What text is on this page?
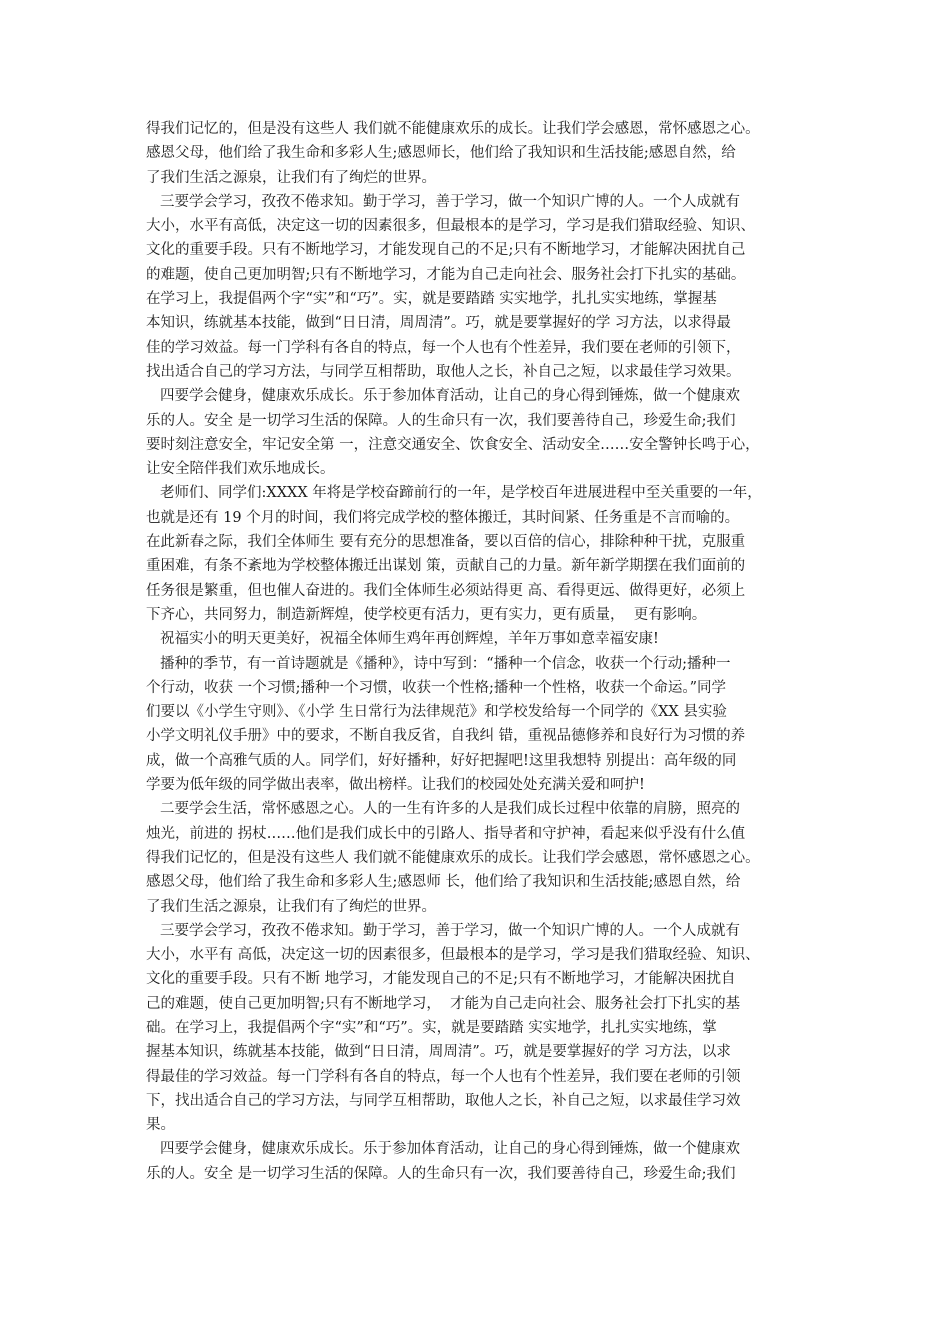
得我们记忆的，但是没有这些人 我们就不能健康欢乐的成长。让我们学会感恩，常怀感恩之心。
感恩父母，他们给了我生命和多彩人生;感恩师长，他们给了我知识和生活技能;感恩自然，给
了我们生活之源泉，让我们有了绚烂的世界。
三要学会学习，孜孜不倦求知。勤于学习，善于学习，做一个知识广博的人。一个人成就有
大小，水平有高低，决定这一切的因素很多，但最根本的是学习，学习是我们猎取经验、知识、
文化的重要手段。只有不断地学习，才能发现自己的不足;只有不断地学习，才能解决困扰自己
的难题，使自己更加明智;只有不断地学习，才能为自己走向社会、服务社会打下扎实的基础。
在学习上，我提倡两个字“实”和“巧”。实，就是要踏踏 实实地学，扎扎实实地练，掌握基
本知识，练就基本技能，做到“日日清，周周清”。巧，就是要掌握好的学 习方法，以求得最
佳的学习效益。每一门学科有各自的特点，每一个人也有个性差异，我们要在老师的引领下，
找出适合自己的学习方法，与同学互相帮助，取他人之长，补自己之短，以求最佳学习效果。
四要学会健身，健康欢乐成长。乐于参加体育活动，让自己的身心得到锤炼，做一个健康欢
乐的人。安全 是一切学习生活的保障。人的生命只有一次，我们要善待自己，珍爱生命;我们
要时刻注意安全，牢记安全第 一，注意交通安全、饮食安全、活动安全……安全警钟长鸣于心，
让安全陪伴我们欢乐地成长。
老师们、同学们:XXXX 年将是学校奋蹄前行的一年，是学校百年进展进程中至关重要的一年，
也就是还有 19 个月的时间，我们将完成学校的整体搬迁，其时间紧、任务重是不言而喻的。
在此新春之际，我们全体师生 要有充分的思想准备，要以百倍的信心，排除种种干扰，克服重
重困难，有条不紊地为学校整体搬迁出谋划 策，贡献自己的力量。新年新学期摆在我们面前的
任务很是繁重，但也催人奋进的。我们全体师生必须站得更 高、看得更远、做得更好，必须上
下齐心，共同努力，制造新辉煌，使学校更有活力，更有实力，更有质量，  更有影响。
祝福实小的明天更美好，祝福全体师生鸡年再创辉煌，羊年万事如意幸福安康!
播种的季节，有一首诗题就是《播种》，诗中写到：“播种一个信念，收获一个行动;播种一
个行动，收获 一个习惯;播种一个习惯，收获一个性格;播种一个性格，收获一个命运。”同学
们要以《小学生守则》、《小学 生日常行为法律规范》和学校发给每一个同学的《XX 县实验
小学文明礼仪手册》中的要求，不断自我反省，自我纠 错，重视品德修养和良好行为习惯的养
成，做一个高雅气质的人。同学们，好好播种，好好把握吧!这里我想特 别提出：高年级的同
学要为低年级的同学做出表率，做出榜样。让我们的校园处处充满关爱和呵护!
二要学会生活，常怀感恩之心。人的一生有许多的人是我们成长过程中依靠的肩膀，照亮的
烛光，前进的 拐杖……他们是我们成长中的引路人、指导者和守护神，看起来似乎没有什么值
得我们记忆的，但是没有这些人 我们就不能健康欢乐的成长。让我们学会感恩，常怀感恩之心。
感恩父母，他们给了我生命和多彩人生;感恩师 长，他们给了我知识和生活技能;感恩自然，给
了我们生活之源泉，让我们有了绚烂的世界。
三要学会学习，孜孜不倦求知。勤于学习，善于学习，做一个知识广博的人。一个人成就有
大小，水平有 高低，决定这一切的因素很多，但最根本的是学习，学习是我们猎取经验、知识、
文化的重要手段。只有不断 地学习，才能发现自己的不足;只有不断地学习，才能解决困扰自
己的难题，使自己更加明智;只有不断地学习，  才能为自己走向社会、服务社会打下扎实的基
础。在学习上，我提倡两个字“实”和“巧”。实，就是要踏踏 实实地学，扎扎实实地练，掌
握基本知识，练就基本技能，做到“日日清，周周清”。巧，就是要掌握好的学 习方法，以求
得最佳的学习效益。每一门学科有各自的特点，每一个人也有个性差异，我们要在老师的引领
下，找出适合自己的学习方法，与同学互相帮助，取他人之长，补自己之短，以求最佳学习效
果。
四要学会健身，健康欢乐成长。乐于参加体育活动，让自己的身心得到锤炼，做一个健康欢
乐的人。安全 是一切学习生活的保障。人的生命只有一次，我们要善待自己，珍爱生命;我们
